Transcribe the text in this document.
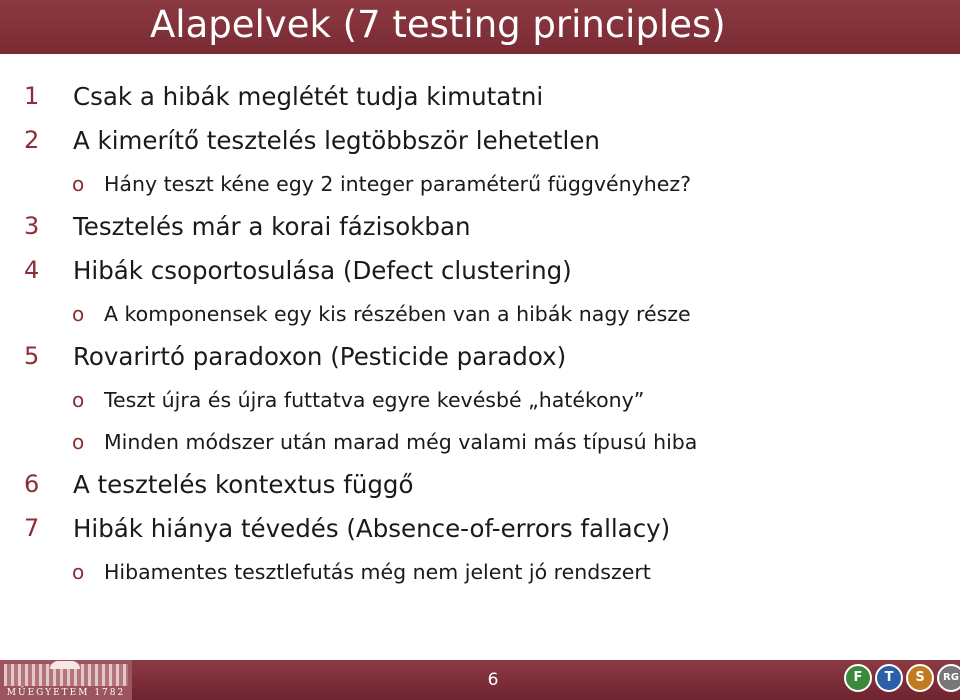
Alapelvek (7 testing principles)
1 Csak a hibák meglétét tudja kimutatni
2 A kimerítő tesztelés legtöbbször lehetetlen
o Hány teszt kéne egy 2 integer paraméterű függvényhez?
3 Tesztelés már a korai fázisokban
4 Hibák csoportosulása (Defect clustering)
o A komponensek egy kis részében van a hibák nagy része
5 Rovarirtó paradoxon (Pesticide paradox)
o Teszt újra és újra futtatva egyre kevésbé „hatékony”
o Minden módszer után marad még valami más típusú hiba
6 A tesztelés kontextus függő
7 Hibák hiánya tévedés (Absence-of-errors fallacy)
o Hibamentes tesztlefutás még nem jelent jó rendszert
MŰEGYETEM 1782
6	F	T	S	RG
